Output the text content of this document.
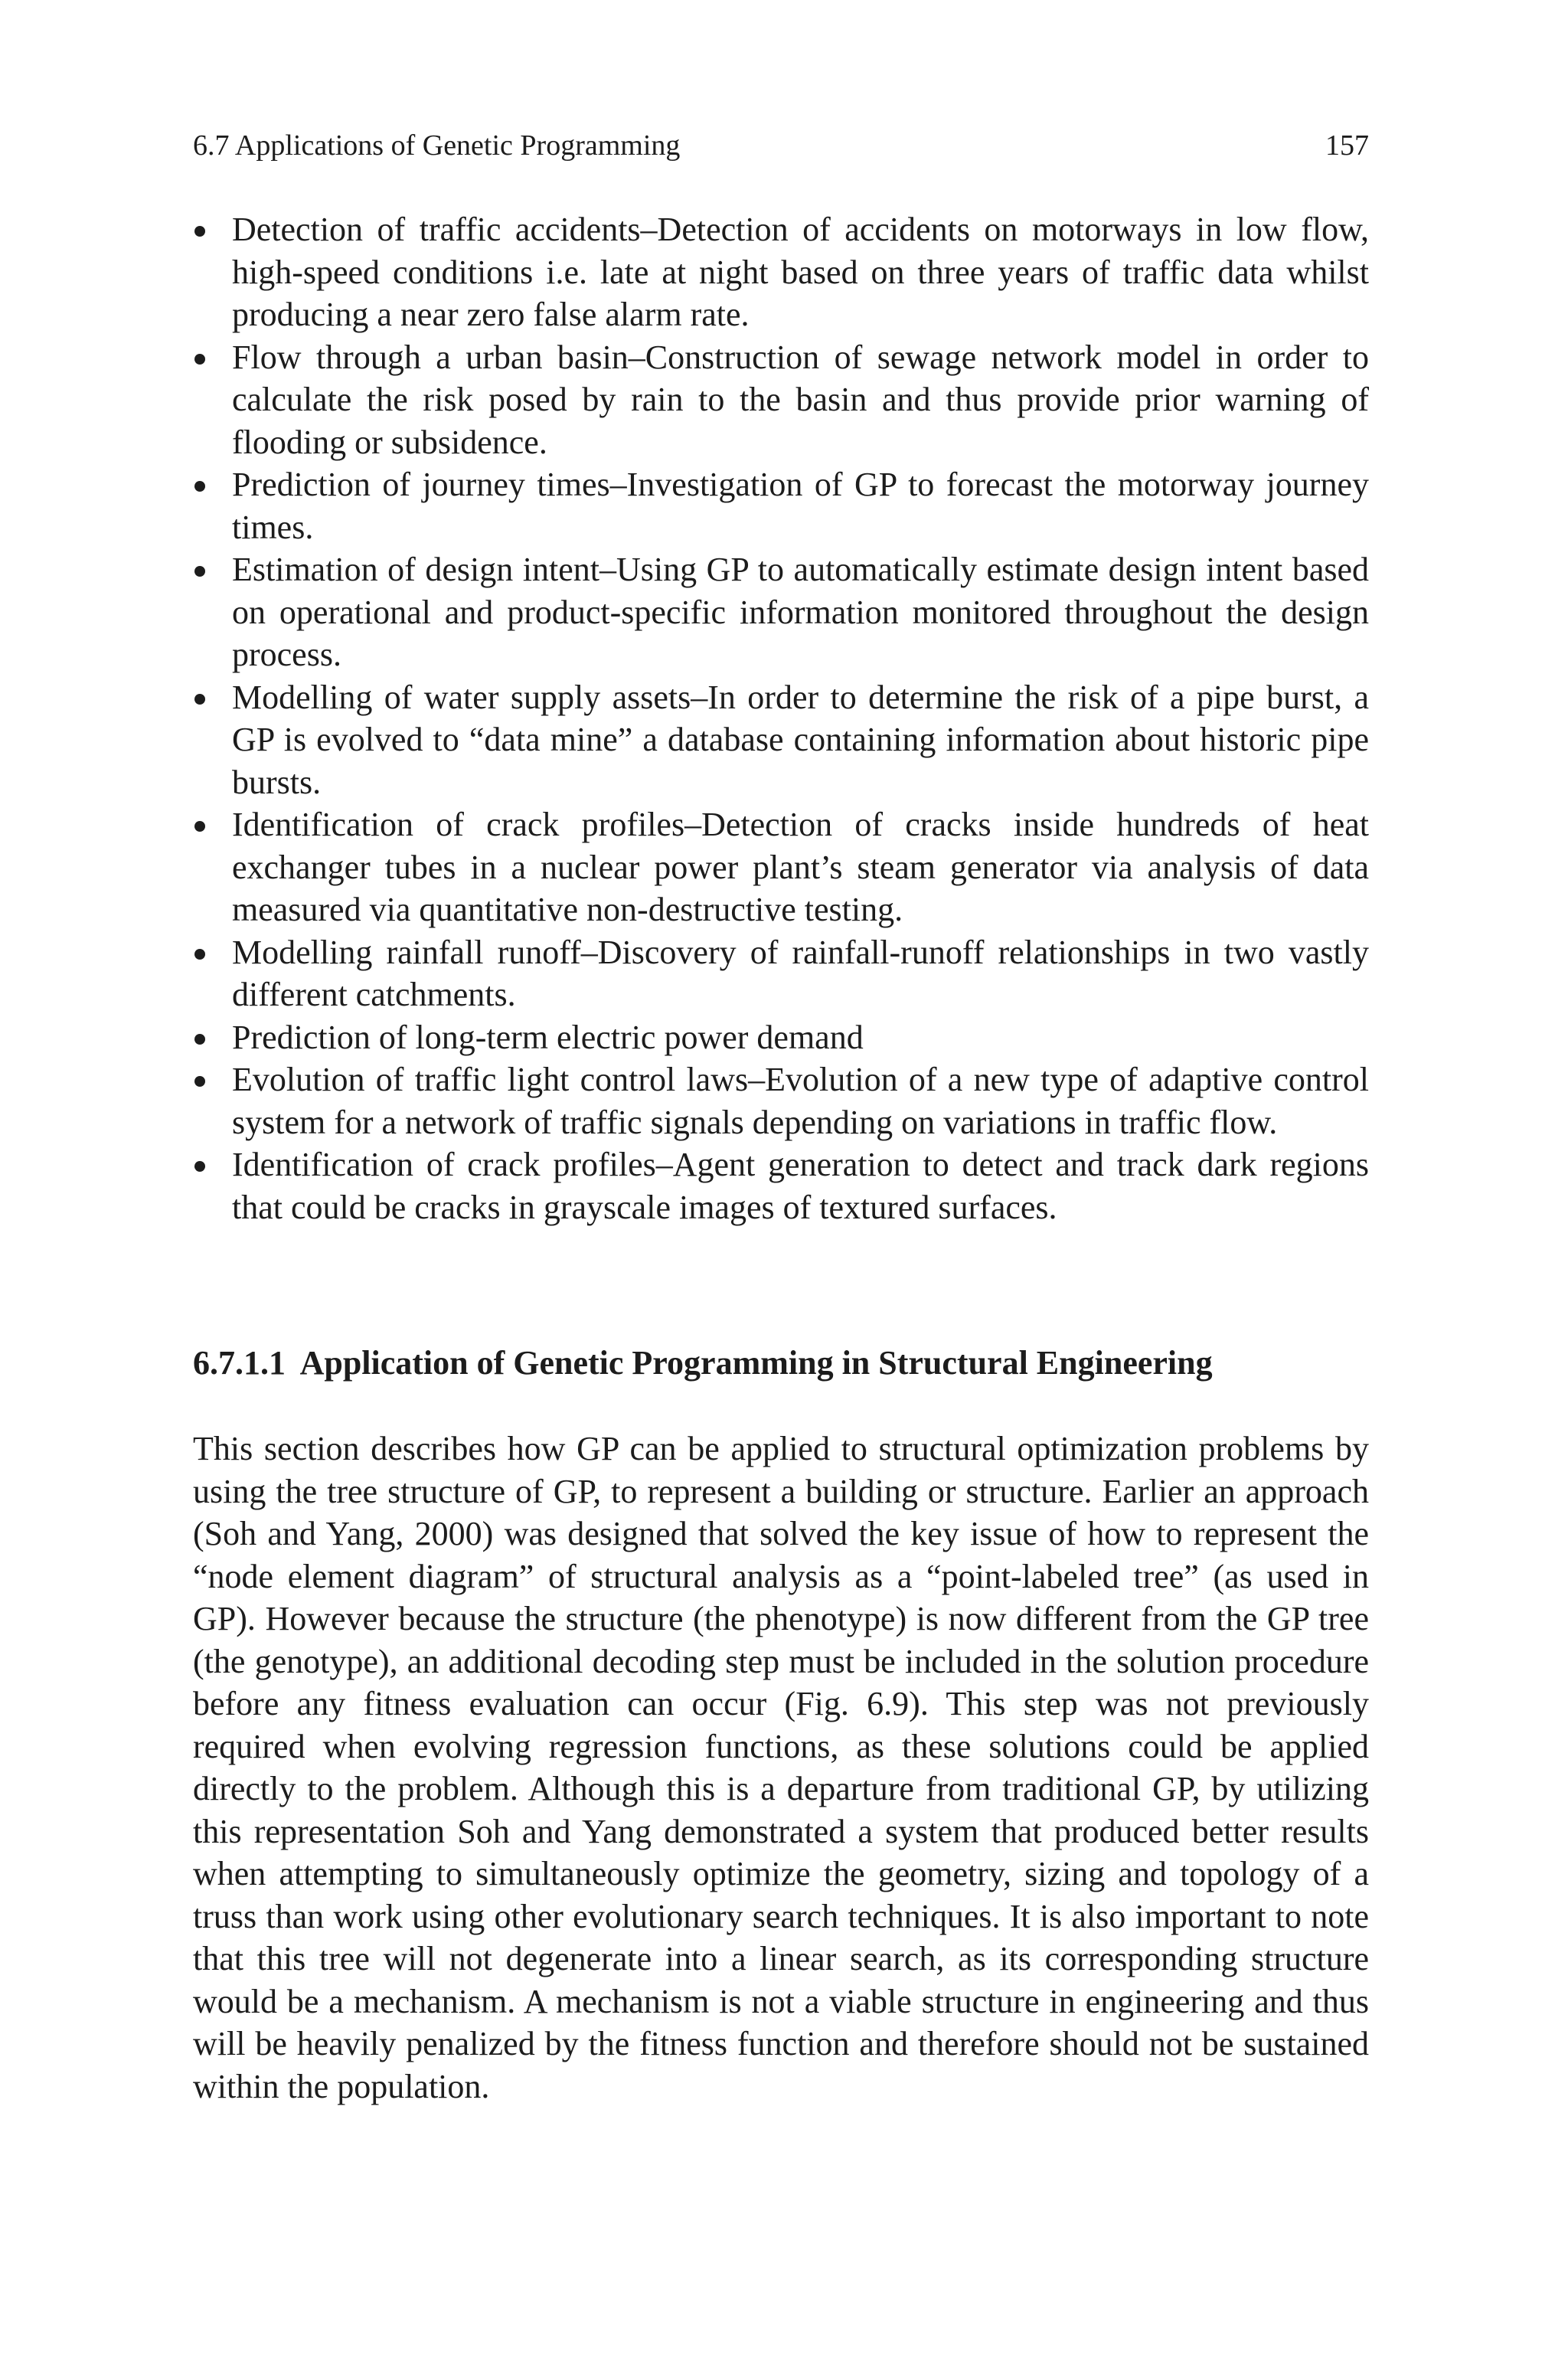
6.7 Applications of Genetic Programming	157
Detection of traffic accidents–Detection of accidents on motorways in low flow, high-speed conditions i.e. late at night based on three years of traffic data whilst producing a near zero false alarm rate.
Flow through a urban basin–Construction of sewage network model in order to calculate the risk posed by rain to the basin and thus provide prior warning of flooding or subsidence.
Prediction of journey times–Investigation of GP to forecast the motorway journey times.
Estimation of design intent–Using GP to automatically estimate design intent based on operational and product-specific information monitored throughout the design process.
Modelling of water supply assets–In order to determine the risk of a pipe burst, a GP is evolved to “data mine” a database containing information about historic pipe bursts.
Identification of crack profiles–Detection of cracks inside hundreds of heat exchanger tubes in a nuclear power plant’s steam generator via analysis of data measured via quantitative non-destructive testing.
Modelling rainfall runoff–Discovery of rainfall-runoff relationships in two vastly different catchments.
Prediction of long-term electric power demand
Evolution of traffic light control laws–Evolution of a new type of adaptive control system for a network of traffic signals depending on variations in traffic flow.
Identification of crack profiles–Agent generation to detect and track dark regions that could be cracks in grayscale images of textured surfaces.
6.7.1.1 Application of Genetic Programming in Structural Engineering

This section describes how GP can be applied to structural optimization problems by using the tree structure of GP, to represent a building or structure. Earlier an approach (Soh and Yang, 2000) was designed that solved the key issue of how to represent the “node element diagram” of structural analysis as a “point-labeled tree” (as used in GP). However because the structure (the phenotype) is now different from the GP tree (the genotype), an additional decoding step must be included in the solution procedure before any fitness evaluation can occur (Fig. 6.9). This step was not previously required when evolving regression functions, as these solutions could be applied directly to the problem. Although this is a departure from traditional GP, by utilizing this representation Soh and Yang demonstrated a system that produced better results when attempting to simultaneously optimize the geometry, sizing and topology of a truss than work using other evolutionary search techniques. It is also important to note that this tree will not degenerate into a linear search, as its corresponding structure would be a mechanism. A mechanism is not a viable structure in engineering and thus will be heavily penalized by the fitness function and therefore should not be sustained within the population.
